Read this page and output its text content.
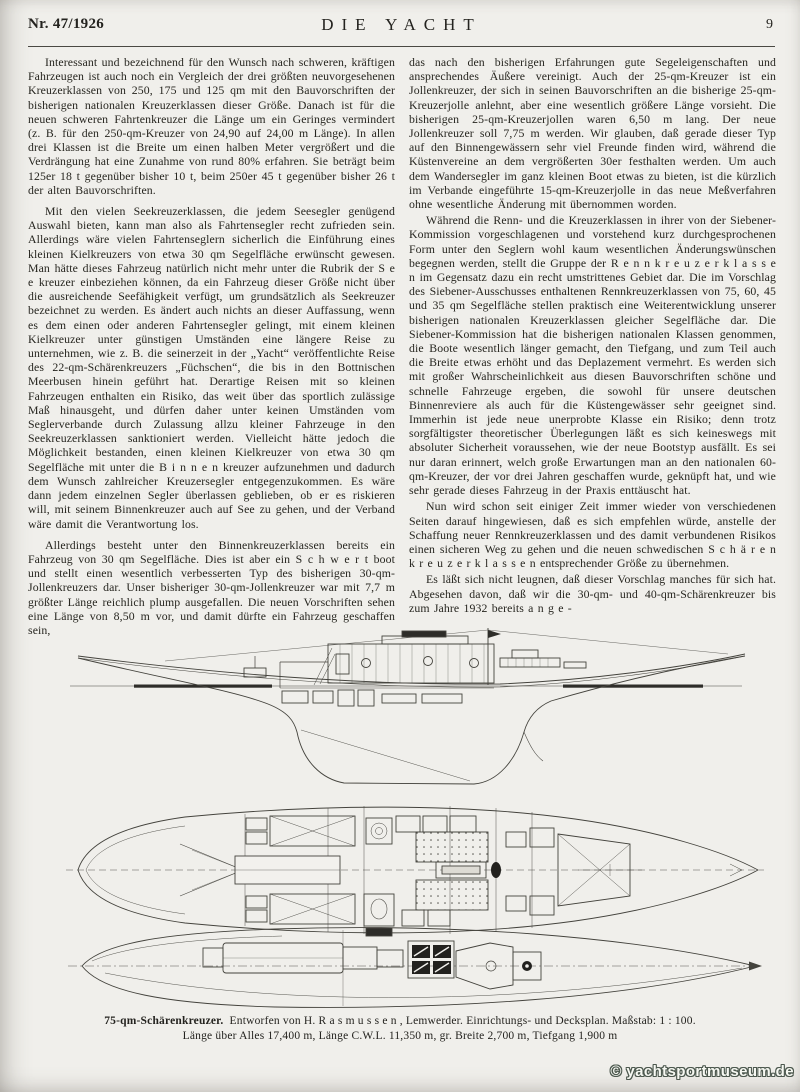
Nr. 47/1926	DIE YACHT	9

Interessant und bezeichnend für den Wunsch nach schweren, kräftigen Fahrzeugen ist auch noch ein Vergleich der drei größten neuvorgesehenen Kreuzerklassen von 250, 175 und 125 qm mit den Bauvorschriften der bisherigen nationalen Kreuzerklassen dieser Größe. Danach ist für die neuen schweren Fahrtenkreuzer die Länge um ein Geringes vermindert (z. B. für den 250-qm-Kreuzer von 24,90 auf 24,00 m Länge). In allen drei Klassen ist die Breite um einen halben Meter vergrößert und die Verdrängung hat eine Zunahme von rund 80% erfahren. Sie beträgt beim 125er 18 t gegenüber bisher 10 t, beim 250er 45 t gegenüber bisher 26 t der alten Bauvorschriften.

Mit den vielen Seekreuzerklassen, die jedem Seesegler genügend Auswahl bieten, kann man also als Fahrtensegler recht zufrieden sein. Allerdings wäre vielen Fahrtenseglern sicherlich die Einführung eines kleinen Kielkreuzers von etwa 30 qm Segelfläche erwünscht gewesen. Man hätte dieses Fahrzeug natürlich nicht mehr unter die Rubrik der S e e kreuzer einbeziehen können, da ein Fahrzeug dieser Größe nicht über die ausreichende Seefähigkeit verfügt, um grundsätzlich als Seekreuzer bezeichnet zu werden. Es ändert auch nichts an dieser Auffassung, wenn es dem einen oder anderen Fahrtensegler gelingt, mit einem kleinen Kielkreuzer unter günstigen Umständen eine längere Reise zu unternehmen, wie z. B. die seinerzeit in der „Yacht“ veröffentlichte Reise des 22-qm-Schärenkreuzers „Füchschen“, die bis in den Bottnischen Meerbusen hinein geführt hat. Derartige Reisen mit so kleinen Fahrzeugen enthalten ein Risiko, das weit über das sportlich zulässige Maß hinausgeht, und dürfen daher unter keinen Umständen vom Seglerverbande durch Zulassung allzu kleiner Fahrzeuge in den Seekreuzerklassen sanktioniert werden. Vielleicht hätte jedoch die Möglichkeit bestanden, einen kleinen Kielkreuzer von etwa 30 qm Segelfläche mit unter die B i n n e n kreuzer aufzunehmen und dadurch dem Wunsch zahlreicher Kreuzersegler entgegenzukommen. Es wäre dann jedem einzelnen Segler überlassen geblieben, ob er es riskieren will, mit seinem Binnenkreuzer auch auf See zu gehen, und der Verband wäre damit die Verantwortung los.

Allerdings besteht unter den Binnenkreuzerklassen bereits ein Fahrzeug von 30 qm Segelfläche. Dies ist aber ein S c h w e r t boot und stellt einen wesentlich verbesserten Typ des bisherigen 30-qm-Jollenkreuzers dar. Unser bisheriger 30-qm-Jollenkreuzer war mit 7,7 m größter Länge reichlich plump ausgefallen. Die neuen Vorschriften sehen eine Länge von 8,50 m vor, und damit dürfte ein Fahrzeug geschaffen sein,

das nach den bisherigen Erfahrungen gute Segeleigenschaften und ansprechendes Äußere vereinigt. Auch der 25-qm-Kreuzer ist ein Jollenkreuzer, der sich in seinen Bauvorschriften an die bisherige 25-qm-Kreuzerjolle anlehnt, aber eine wesentlich größere Länge vorsieht. Die bisherigen 25-qm-Kreuzerjollen waren 6,50 m lang. Der neue Jollenkreuzer soll 7,75 m werden. Wir glauben, daß gerade dieser Typ auf den Binnengewässern sehr viel Freunde finden wird, während die Küstenvereine an dem vergrößerten 30er festhalten werden. Um auch dem Wandersegler im ganz kleinen Boot etwas zu bieten, ist die kürzlich im Verbande eingeführte 15-qm-Kreuzerjolle in das neue Meßverfahren ohne wesentliche Änderung mit übernommen worden.

Während die Renn- und die Kreuzerklassen in ihrer von der Siebener-Kommission vorgeschlagenen und vorstehend kurz durchgesprochenen Form unter den Seglern wohl kaum wesentlichen Änderungswünschen begegnen werden, stellt die Gruppe der R e n n k r e u z e r k l a s s e n im Gegensatz dazu ein recht umstrittenes Gebiet dar. Die im Vorschlag des Siebener-Ausschusses enthaltenen Rennkreuzerklassen von 75, 60, 45 und 35 qm Segelfläche stellen praktisch eine Weiterentwicklung unserer bisherigen nationalen Kreuzerklassen gleicher Segelfläche dar. Die Siebener-Kommission hat die bisherigen nationalen Klassen genommen, die Boote wesentlich länger gemacht, den Tiefgang, und zum Teil auch die Breite etwas erhöht und das Deplazement vermehrt. Es werden sich mit großer Wahrscheinlichkeit aus diesen Bauvorschriften schöne und schnelle Fahrzeuge ergeben, die sowohl für unsere deutschen Binnenreviere als auch für die Küstengewässer sehr geeignet sind. Immerhin ist jede neue unerprobte Klasse ein Risiko; denn trotz sorgfältigster theoretischer Überlegungen läßt es sich keineswegs mit absoluter Sicherheit voraussehen, wie der neue Bootstyp ausfällt. Es sei nur daran erinnert, welch große Erwartungen man an den nationalen 60-qm-Kreuzer, der vor drei Jahren geschaffen wurde, geknüpft hat, und wie sehr gerade dieses Fahrzeug in der Praxis enttäuscht hat.

Nun wird schon seit einiger Zeit immer wieder von verschiedenen Seiten darauf hingewiesen, daß es sich empfehlen würde, anstelle der Schaffung neuer Rennkreuzerklassen und des damit verbundenen Risikos einen sicheren Weg zu gehen und die neuen schwedischen S c h ä r e n k r e u z e r k l a s s e n entsprechender Größe zu übernehmen.

Es läßt sich nicht leugnen, daß dieser Vorschlag manches für sich hat. Abgesehen davon, daß wir die 30-qm- und 40-qm-Schärenkreuzer bis zum Jahre 1932 bereits a n g e -

75-qm-Schärenkreuzer. Entworfen von H. R a s m u s s e n , Lemwerder. Einrichtungs- und Decksplan. Maßstab: 1 : 100.
Länge über Alles 17,400 m, Länge C.W.L. 11,350 m, gr. Breite 2,700 m, Tiefgang 1,900 m
© yachtsportmuseum.de
